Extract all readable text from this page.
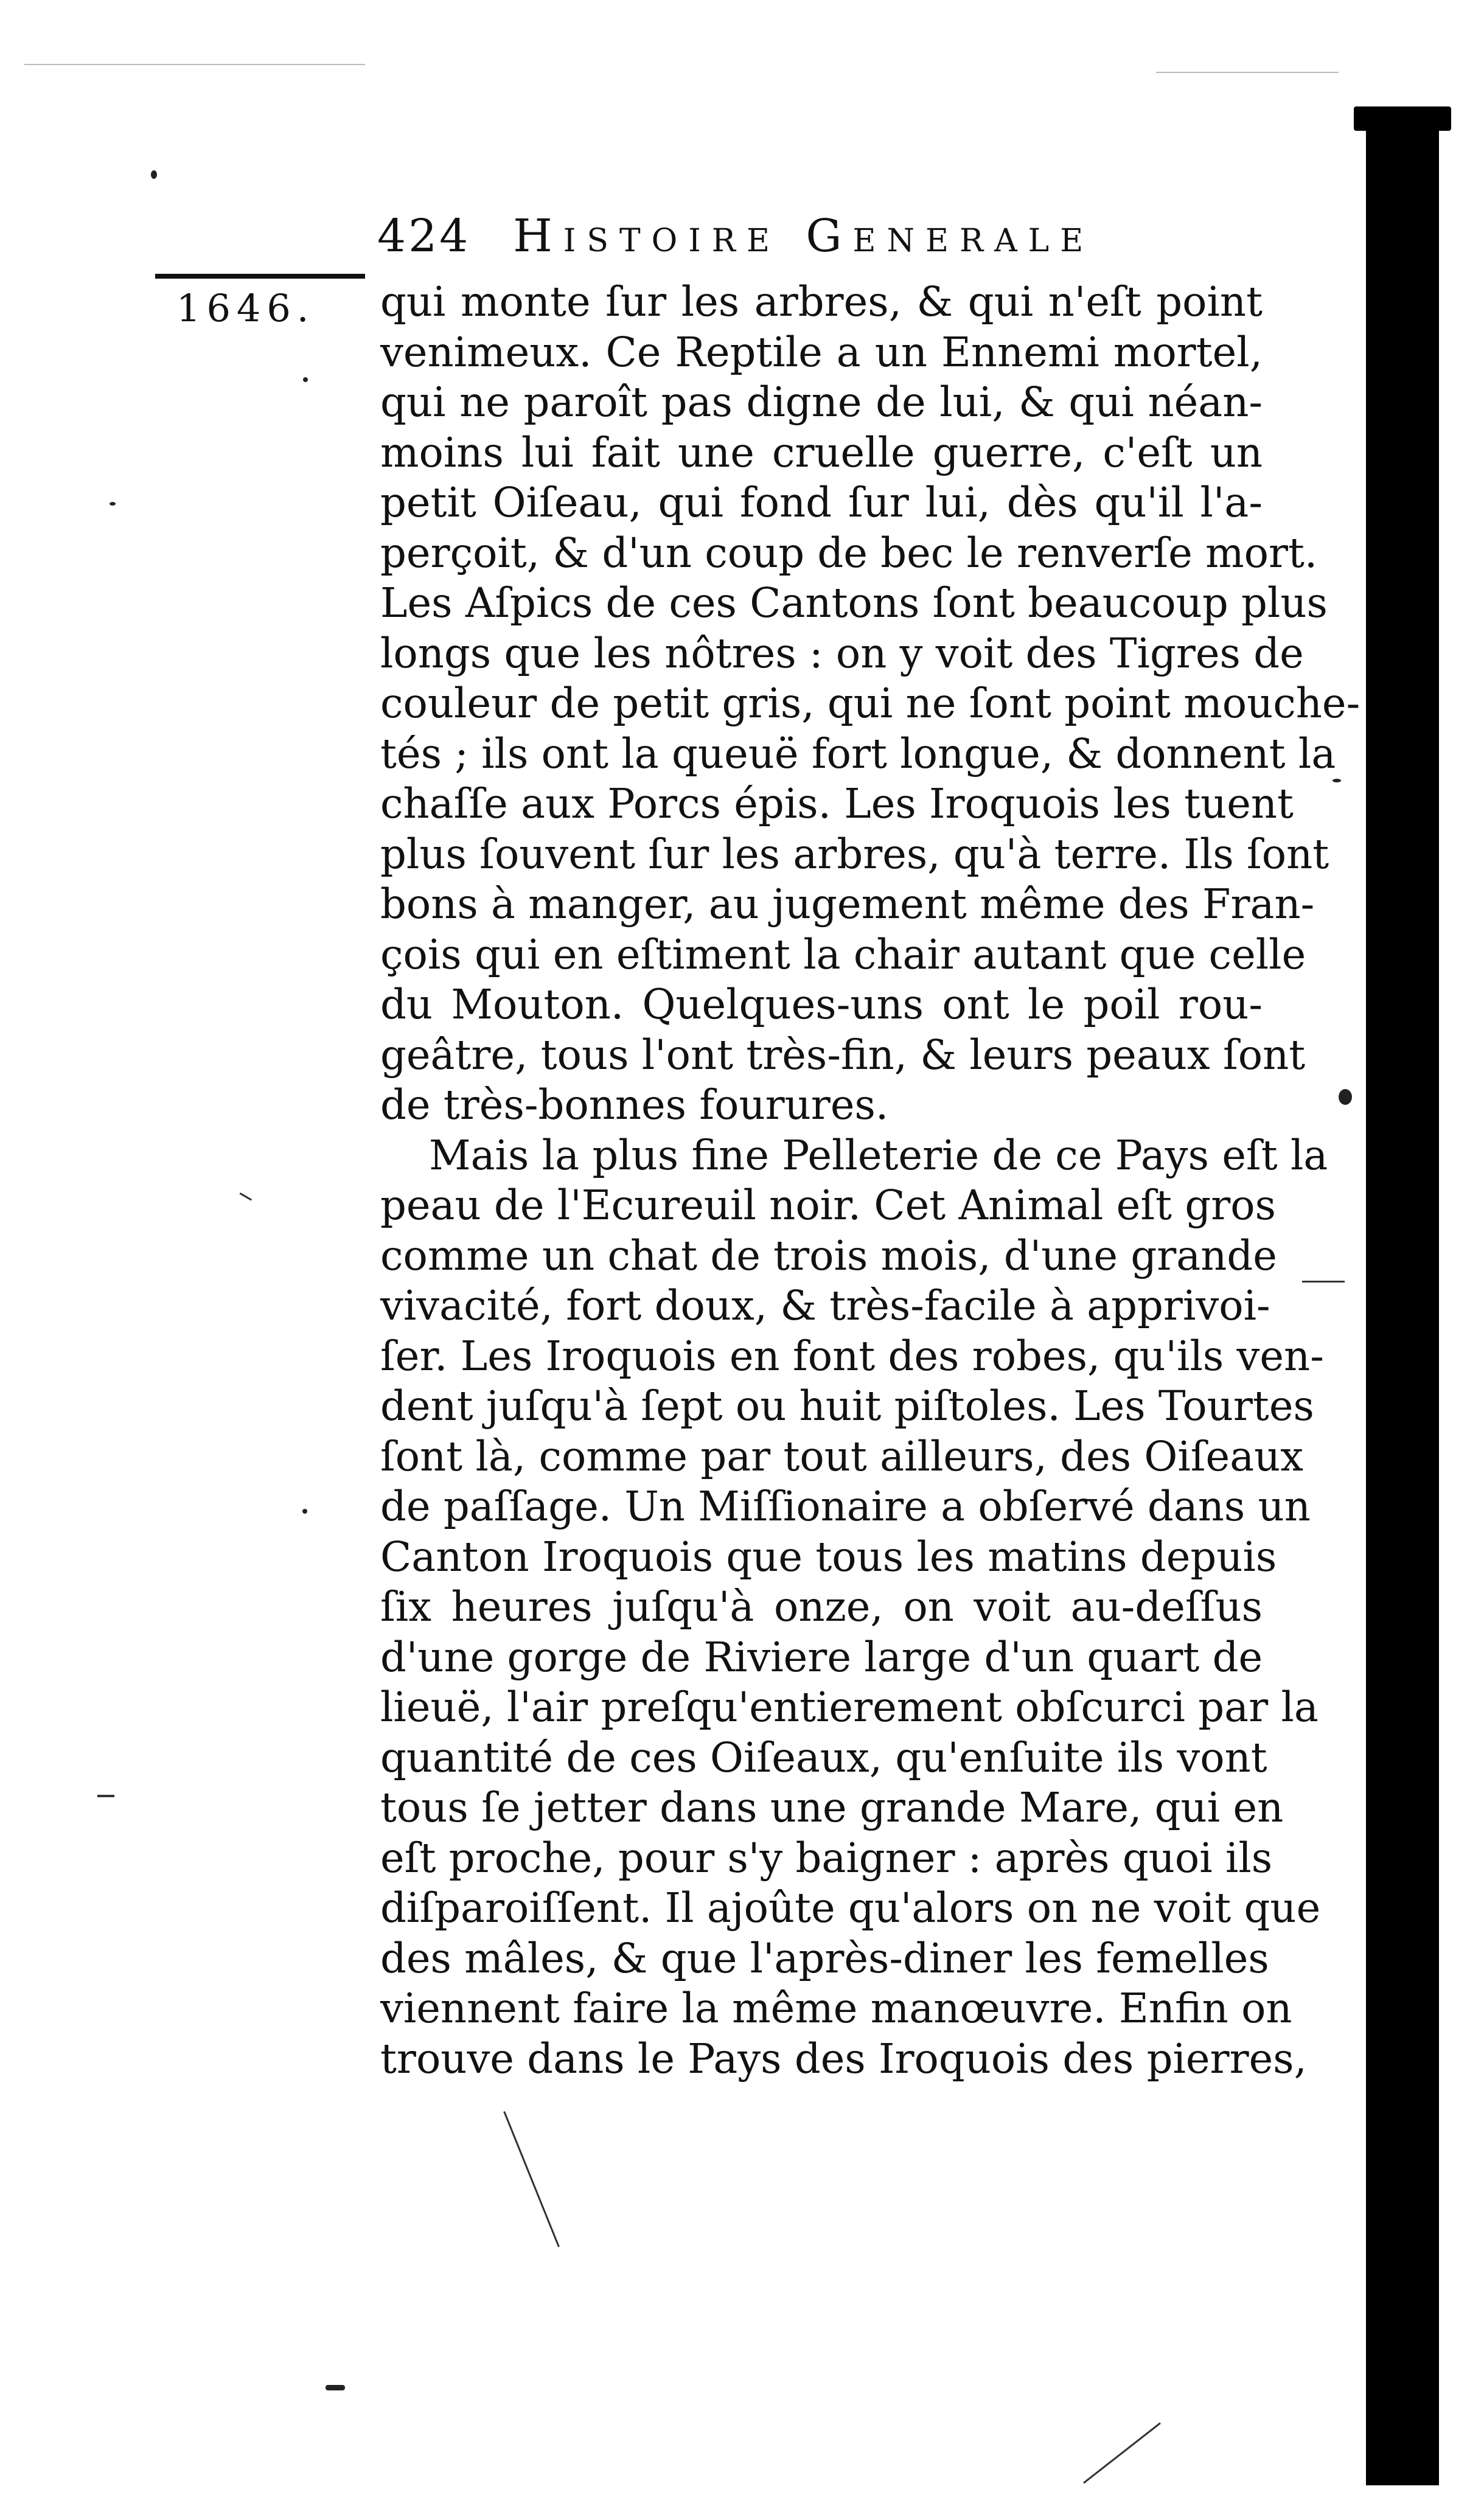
424 Histoire Generale
1646. qui monte ſur les arbres, & qui n'eſt point
venimeux. Ce Reptile a un Ennemi mortel,
qui ne paroît pas digne de lui, & qui néan-
moins lui fait une cruelle guerre, c'eſt un
petit Oiſeau, qui fond ſur lui, dès qu'il l'a-
perçoit, & d'un coup de bec le renverſe mort.
Les Aſpics de ces Cantons ſont beaucoup plus
longs que les nôtres : on y voit des Tigres de
couleur de petit gris, qui ne ſont point mouche-
tés ; ils ont la queuë fort longue, & donnent la
chaſſe aux Porcs épis. Les Iroquois les tuent
plus ſouvent ſur les arbres, qu'à terre. Ils ſont
bons à manger, au jugement même des Fran-
çois qui en eſtiment la chair autant que celle
du Mouton. Quelques-uns ont le poil rou-
geâtre, tous l'ont très-fin, & leurs peaux ſont
de très-bonnes fourures.
Mais la plus fine Pelleterie de ce Pays eſt la
peau de l'Ecureuil noir. Cet Animal eſt gros
comme un chat de trois mois, d'une grande
vivacité, fort doux, & très-facile à apprivoi-
ſer. Les Iroquois en font des robes, qu'ils ven-
dent juſqu'à ſept ou huit piſtoles. Les Tourtes
ſont là, comme par tout ailleurs, des Oiſeaux
de paſſage. Un Miſſionaire a obſervé dans un
Canton Iroquois que tous les matins depuis
ſix heures juſqu'à onze, on voit au-deſſus
d'une gorge de Riviere large d'un quart de
lieuë, l'air preſqu'entierement obſcurci par la
quantité de ces Oiſeaux, qu'enſuite ils vont
tous ſe jetter dans une grande Mare, qui en
eſt proche, pour s'y baigner : après quoi ils
diſparoiſſent. Il ajoûte qu'alors on ne voit que
des mâles, & que l'après-diner les femelles
viennent faire la même manœuvre. Enfin on
trouve dans le Pays des Iroquois des pierres,
